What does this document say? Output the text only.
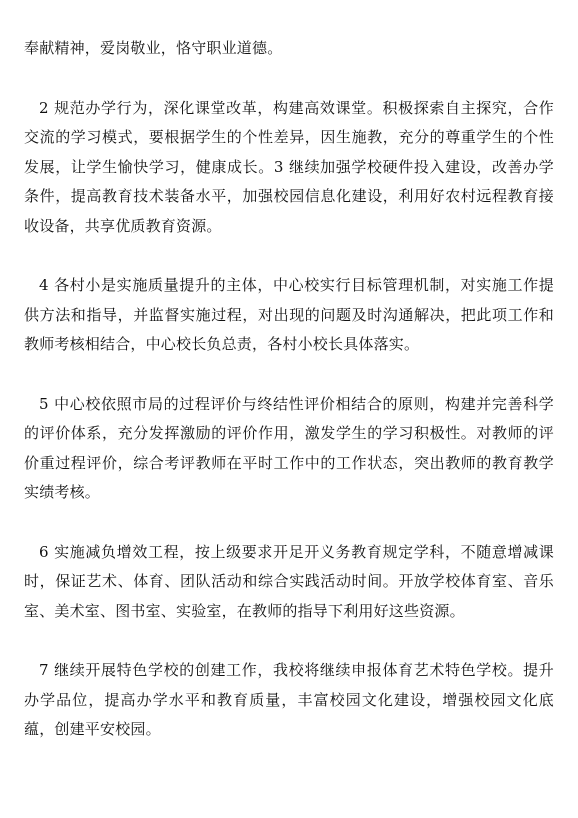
奉献精神，爱岗敬业，恪守职业道德。

2 规范办学行为，深化课堂改革，构建高效课堂。积极探索自主探究，合作交流的学习模式，要根据学生的个性差异，因生施教，充分的尊重学生的个性发展，让学生愉快学习，健康成长。3 继续加强学校硬件投入建设，改善办学条件，提高教育技术装备水平，加强校园信息化建设，利用好农村远程教育接收设备，共享优质教育资源。

4 各村小是实施质量提升的主体，中心校实行目标管理机制，对实施工作提供方法和指导，并监督实施过程，对出现的问题及时沟通解决，把此项工作和教师考核相结合，中心校长负总责，各村小校长具体落实。

5 中心校依照市局的过程评价与终结性评价相结合的原则，构建并完善科学的评价体系，充分发挥激励的评价作用，激发学生的学习积极性。对教师的评价重过程评价，综合考评教师在平时工作中的工作状态，突出教师的教育教学实绩考核。

6 实施减负增效工程，按上级要求开足开义务教育规定学科，不随意增减课时，保证艺术、体育、团队活动和综合实践活动时间。开放学校体育室、音乐室、美术室、图书室、实验室，在教师的指导下利用好这些资源。

7 继续开展特色学校的创建工作，我校将继续申报体育艺术特色学校。提升办学品位，提高办学水平和教育质量，丰富校园文化建设，增强校园文化底蕴，创建平安校园。
